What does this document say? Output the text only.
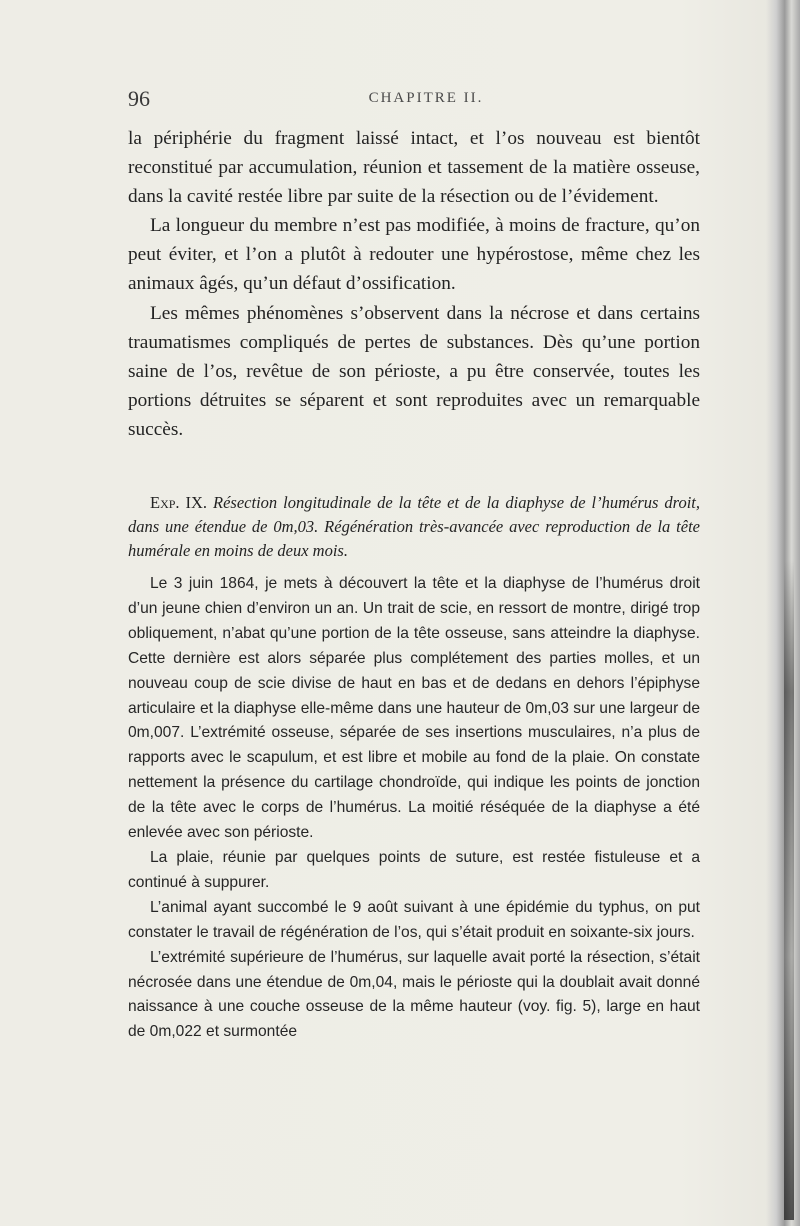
96	CHAPITRE II.

la périphérie du fragment laissé intact, et l’os nouveau est bientôt reconstitué par accumulation, réunion et tassement de la matière osseuse, dans la cavité restée libre par suite de la résection ou de l’évidement.

La longueur du membre n’est pas modifiée, à moins de fracture, qu’on peut éviter, et l’on a plutôt à redouter une hypérostose, même chez les animaux âgés, qu’un défaut d’ossification.

Les mêmes phénomènes s’observent dans la nécrose et dans certains traumatismes compliqués de pertes de substances. Dès qu’une portion saine de l’os, revêtue de son périoste, a pu être conservée, toutes les portions détruites se séparent et sont reproduites avec un remarquable succès.

Exp. IX. Résection longitudinale de la tête et de la diaphyse de l’humérus droit, dans une étendue de 0m,03. Régénération très-avancée avec reproduction de la tête humérale en moins de deux mois.

Le 3 juin 1864, je mets à découvert la tête et la diaphyse de l’humérus droit d’un jeune chien d’environ un an. Un trait de scie, en ressort de montre, dirigé trop obliquement, n’abat qu’une portion de la tête osseuse, sans atteindre la diaphyse. Cette dernière est alors séparée plus complétement des parties molles, et un nouveau coup de scie divise de haut en bas et de dedans en dehors l’épiphyse articulaire et la diaphyse elle-même dans une hauteur de 0m,03 sur une largeur de 0m,007. L’extrémité osseuse, séparée de ses insertions musculaires, n’a plus de rapports avec le scapulum, et est libre et mobile au fond de la plaie. On constate nettement la présence du cartilage chondroïde, qui indique les points de jonction de la tête avec le corps de l’humérus. La moitié réséquée de la diaphyse a été enlevée avec son périoste.

La plaie, réunie par quelques points de suture, est restée fistuleuse et a continué à suppurer.

L’animal ayant succombé le 9 août suivant à une épidémie du typhus, on put constater le travail de régénération de l’os, qui s’était produit en soixante-six jours.

L’extrémité supérieure de l’humérus, sur laquelle avait porté la résection, s’était nécrosée dans une étendue de 0m,04, mais le périoste qui la doublait avait donné naissance à une couche osseuse de la même hauteur (voy. fig. 5), large en haut de 0m,022 et surmontée
